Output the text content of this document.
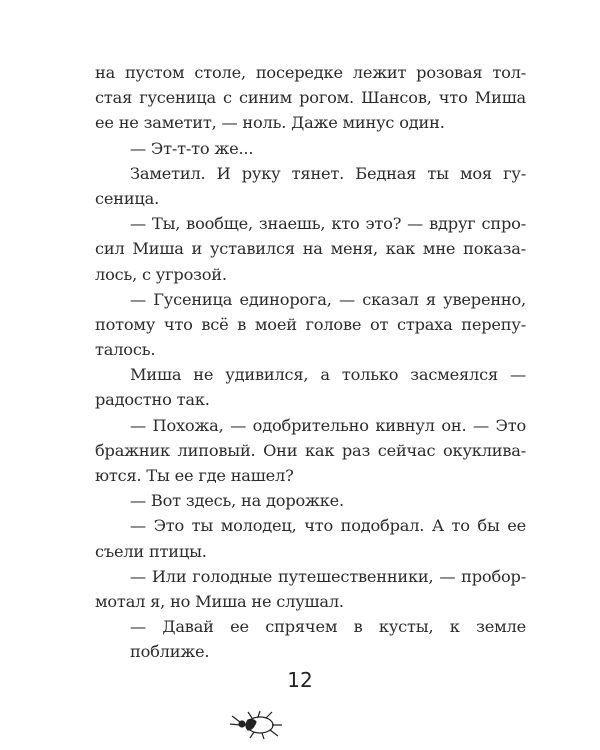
на пустом столе, посередке лежит розовая тол-
стая гусеница с синим рогом. Шансов, что Миша
ее не заметит, — ноль. Даже минус один.
— Эт-т-то же...
Заметил. И руку тянет. Бедная ты моя гу-
сеница.
— Ты, вообще, знаешь, кто это? — вдруг спро-
сил Миша и уставился на меня, как мне показа-
лось, с угрозой.
— Гусеница единорога, — сказал я уверенно,
потому что всё в моей голове от страха перепу-
талось.
Миша не удивился, а только засмеялся —
радостно так.
— Похожа, — одобрительно кивнул он. — Это
бражник липовый. Они как раз сейчас окуклива-
ются. Ты ее где нашел?
— Вот здесь, на дорожке.
— Это ты молодец, что подобрал. А то бы ее
съели птицы.
— Или голодные путешественники, — пробор-
мотал я, но Миша не слушал.
— Давай ее спрячем в кусты, к земле поближе.
12
